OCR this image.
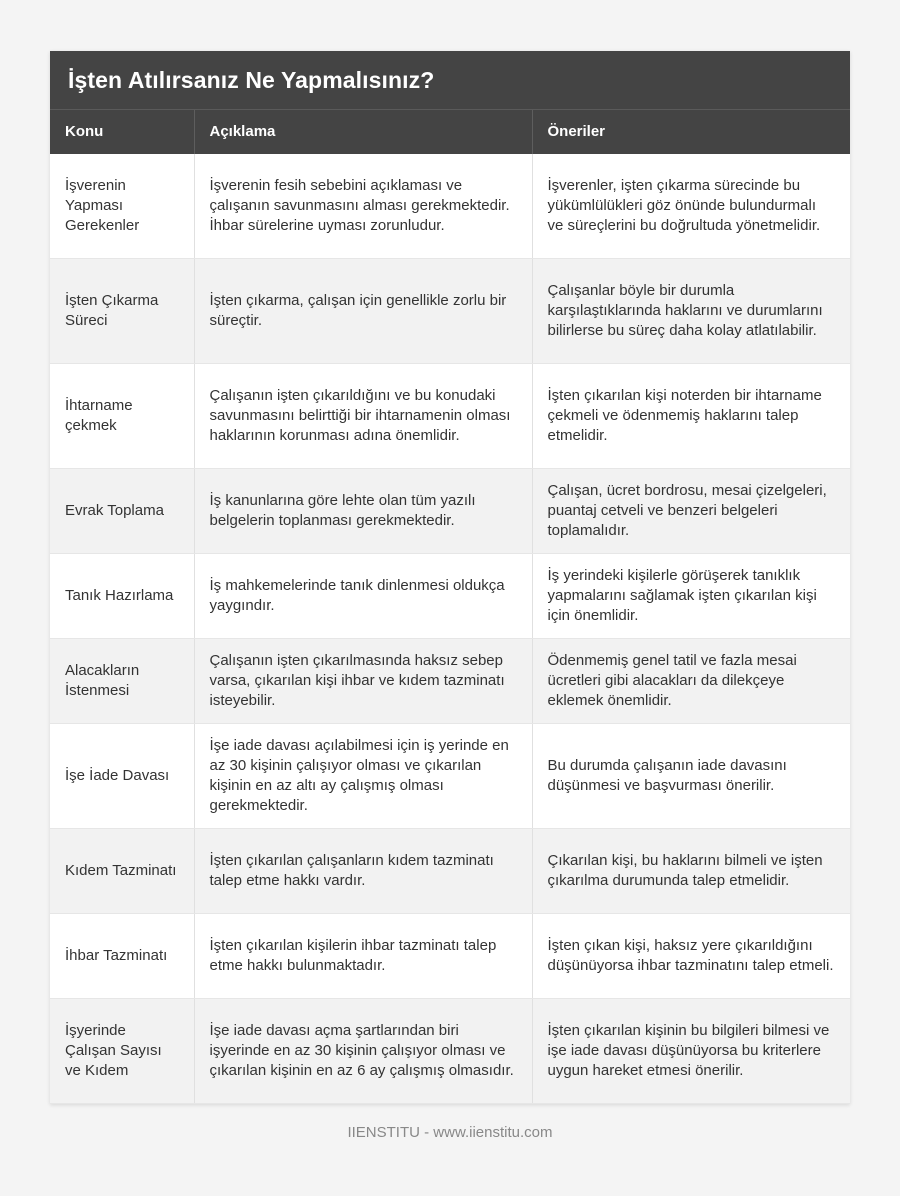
İşten Atılırsanız Ne Yapmalısınız?
Konu	Açıklama	Öneriler
İşverenin Yapması Gerekenler	İşverenin fesih sebebini açıklaması ve çalışanın savunmasını alması gerekmektedir. İhbar sürelerine uyması zorunludur.	İşverenler, işten çıkarma sürecinde bu yükümlülükleri göz önünde bulundurmalı ve süreçlerini bu doğrultuda yönetmelidir.
İşten Çıkarma Süreci	İşten çıkarma, çalışan için genellikle zorlu bir süreçtir.	Çalışanlar böyle bir durumla karşılaştıklarında haklarını ve durumlarını bilirlerse bu süreç daha kolay atlatılabilir.
İhtarname çekmek	Çalışanın işten çıkarıldığını ve bu konudaki savunmasını belirttiği bir ihtarnamenin olması haklarının korunması adına önemlidir.	İşten çıkarılan kişi noterden bir ihtarname çekmeli ve ödenmemiş haklarını talep etmelidir.
Evrak Toplama	İş kanunlarına göre lehte olan tüm yazılı belgelerin toplanması gerekmektedir.	Çalışan, ücret bordrosu, mesai çizelgeleri, puantaj cetveli ve benzeri belgeleri toplamalıdır.
Tanık Hazırlama	İş mahkemelerinde tanık dinlenmesi oldukça yaygındır.	İş yerindeki kişilerle görüşerek tanıklık yapmalarını sağlamak işten çıkarılan kişi için önemlidir.
Alacakların İstenmesi	Çalışanın işten çıkarılmasında haksız sebep varsa, çıkarılan kişi ihbar ve kıdem tazminatı isteyebilir.	Ödenmemiş genel tatil ve fazla mesai ücretleri gibi alacakları da dilekçeye eklemek önemlidir.
İşe İade Davası	İşe iade davası açılabilmesi için iş yerinde en az 30 kişinin çalışıyor olması ve çıkarılan kişinin en az altı ay çalışmış olması gerekmektedir.	Bu durumda çalışanın iade davasını düşünmesi ve başvurması önerilir.
Kıdem Tazminatı	İşten çıkarılan çalışanların kıdem tazminatı talep etme hakkı vardır.	Çıkarılan kişi, bu haklarını bilmeli ve işten çıkarılma durumunda talep etmelidir.
İhbar Tazminatı	İşten çıkarılan kişilerin ihbar tazminatı talep etme hakkı bulunmaktadır.	İşten çıkan kişi, haksız yere çıkarıldığını düşünüyorsa ihbar tazminatını talep etmeli.
İşyerinde Çalışan Sayısı ve Kıdem	İşe iade davası açma şartlarından biri işyerinde en az 30 kişinin çalışıyor olması ve çıkarılan kişinin en az 6 ay çalışmış olmasıdır.	İşten çıkarılan kişinin bu bilgileri bilmesi ve işe iade davası düşünüyorsa bu kriterlere uygun hareket etmesi önerilir.
IIENSTITU - www.iienstitu.com
